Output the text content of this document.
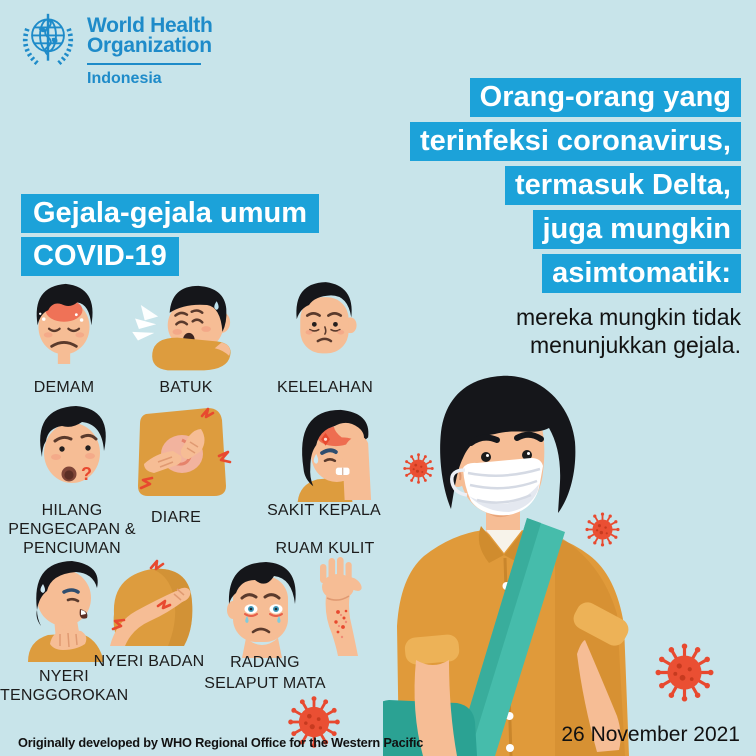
World Health
Organization
Indonesia
Orang-orang yang
terinfeksi coronavirus,
termasuk Delta,
juga mungkin
asimtomatik:
mereka mungkin tidak
menunjukkan gejala.
Gejala-gejala umum
COVID-19
DEMAM	BATUK	KELELAHAN
?
HILANG
PENGECAPAN &
PENCIUMAN
DIARE	SAKIT KEPALA
RUAM KULIT
NYERI
TENGGOROKAN
NYERI BADAN	RADANG
SELAPUT MATA
Originally developed by WHO Regional Office for the Western Pacific	26 November 2021
